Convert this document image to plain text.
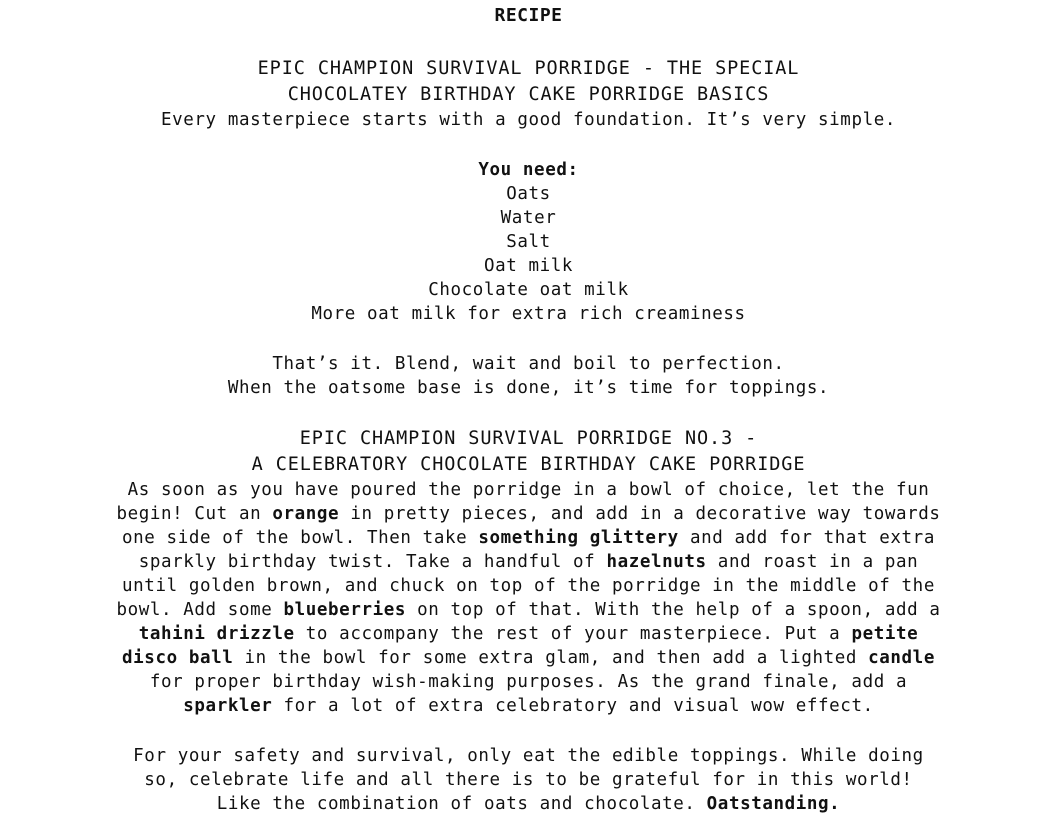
RECIPE
EPIC CHAMPION SURVIVAL PORRIDGE - THE SPECIAL
CHOCOLATEY BIRTHDAY CAKE PORRIDGE BASICS
Every masterpiece starts with a good foundation. It’s very simple.
You need:
Oats
Water
Salt
Oat milk
Chocolate oat milk
More oat milk for extra rich creaminess
That’s it. Blend, wait and boil to perfection.
When the oatsome base is done, it’s time for toppings.
EPIC CHAMPION SURVIVAL PORRIDGE NO.3 -
A CELEBRATORY CHOCOLATE BIRTHDAY CAKE PORRIDGE
As soon as you have poured the porridge in a bowl of choice, let the fun
begin! Cut an orange in pretty pieces, and add in a decorative way towards
one side of the bowl. Then take something glittery and add for that extra
sparkly birthday twist. Take a handful of hazelnuts and roast in a pan
until golden brown, and chuck on top of the porridge in the middle of the
bowl. Add some blueberries on top of that. With the help of a spoon, add a
tahini drizzle to accompany the rest of your masterpiece. Put a petite
disco ball in the bowl for some extra glam, and then add a lighted candle
for proper birthday wish-making purposes. As the grand finale, add a
sparkler for a lot of extra celebratory and visual wow effect.
For your safety and survival, only eat the edible toppings. While doing
so, celebrate life and all there is to be grateful for in this world!
Like the combination of oats and chocolate. Oatstanding.
